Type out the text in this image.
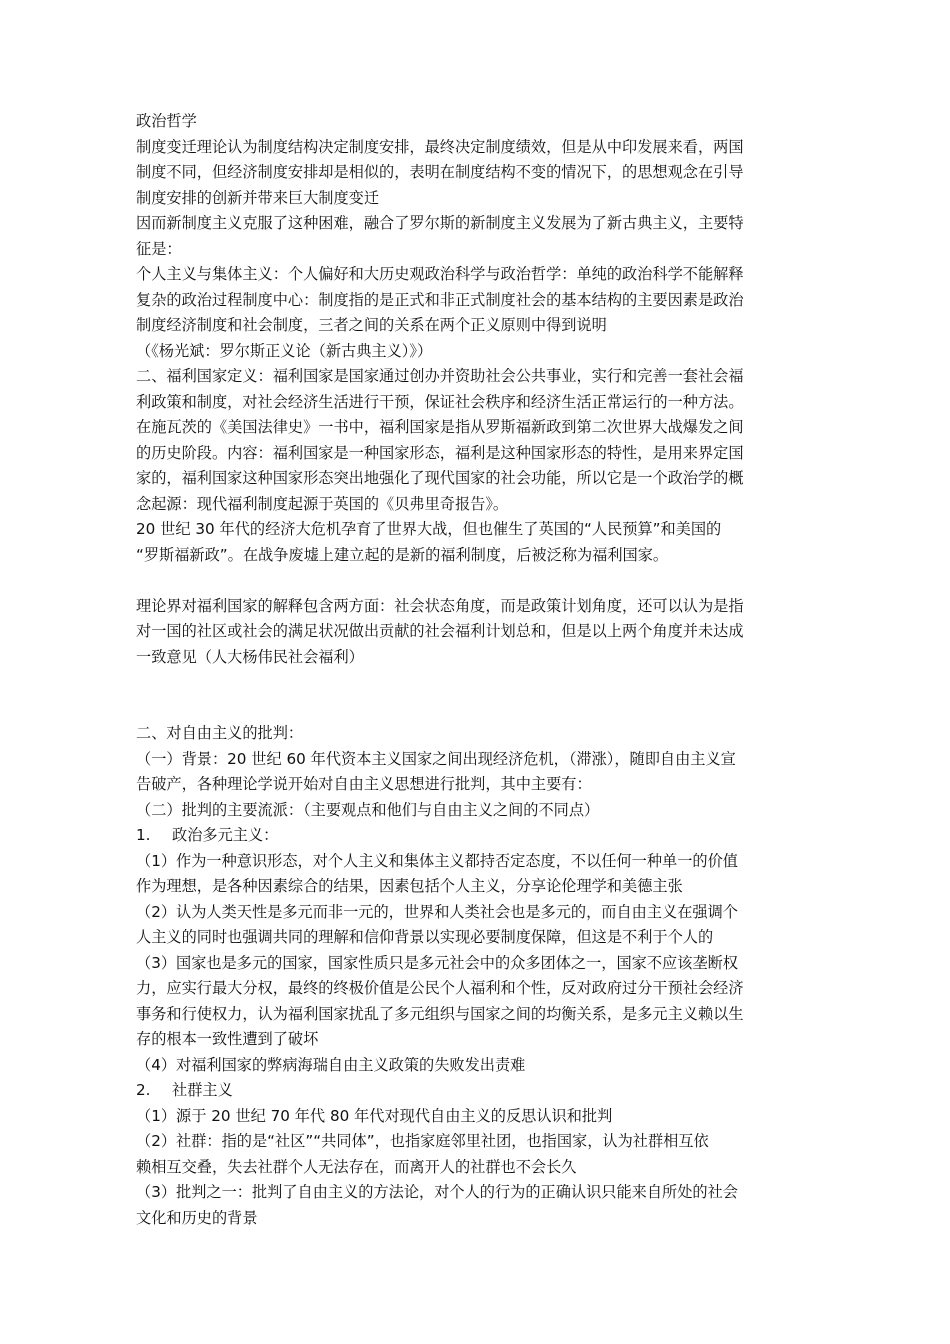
政治哲学
制度变迁理论认为制度结构决定制度安排，最终决定制度绩效，但是从中印发展来看，两国
制度不同，但经济制度安排却是相似的，表明在制度结构不变的情况下，的思想观念在引导
制度安排的创新并带来巨大制度变迁
因而新制度主义克服了这种困难，融合了罗尔斯的新制度主义发展为了新古典主义，主要特
征是：
个人主义与集体主义：个人偏好和大历史观政治科学与政治哲学：单纯的政治科学不能解释
复杂的政治过程制度中心：制度指的是正式和非正式制度社会的基本结构的主要因素是政治
制度经济制度和社会制度，三者之间的关系在两个正义原则中得到说明
（《杨光斌：罗尔斯正义论（新古典主义）》）
二、福利国家定义：福利国家是国家通过创办并资助社会公共事业，实行和完善一套社会福
利政策和制度，对社会经济生活进行干预，保证社会秩序和经济生活正常运行的一种方法。
在施瓦茨的《美国法律史》一书中，福利国家是指从罗斯福新政到第二次世界大战爆发之间
的历史阶段。内容：福利国家是一种国家形态，福利是这种国家形态的特性，是用来界定国
家的，福利国家这种国家形态突出地强化了现代国家的社会功能，所以它是一个政治学的概
念起源：现代福利制度起源于英国的《贝弗里奇报告》。
20 世纪 30 年代的经济大危机孕育了世界大战，但也催生了英国的“人民预算”和美国的
“罗斯福新政”。在战争废墟上建立起的是新的福利制度，后被泛称为福利国家。
理论界对福利国家的解释包含两方面：社会状态角度，而是政策计划角度，还可以认为是指
对一国的社区或社会的满足状况做出贡献的社会福利计划总和，但是以上两个角度并未达成
一致意见（人大杨伟民社会福利）
二、对自由主义的批判：
（一）背景：20 世纪 60 年代资本主义国家之间出现经济危机，（滞涨），随即自由主义宣
告破产，各种理论学说开始对自由主义思想进行批判，其中主要有：
（二）批判的主要流派：（主要观点和他们与自由主义之间的不同点）
1.	政治多元主义：
（1）作为一种意识形态，对个人主义和集体主义都持否定态度，不以任何一种单一的价值
作为理想，是各种因素综合的结果，因素包括个人主义，分享论伦理学和美德主张
（2）认为人类天性是多元而非一元的，世界和人类社会也是多元的，而自由主义在强调个
人主义的同时也强调共同的理解和信仰背景以实现必要制度保障，但这是不利于个人的
（3）国家也是多元的国家，国家性质只是多元社会中的众多团体之一，国家不应该垄断权
力，应实行最大分权，最终的终极价值是公民个人福利和个性，反对政府过分干预社会经济
事务和行使权力，认为福利国家扰乱了多元组织与国家之间的均衡关系，是多元主义赖以生
存的根本一致性遭到了破坏
（4）对福利国家的弊病海瑞自由主义政策的失败发出责难
2.	社群主义
（1）源于 20 世纪 70 年代 80 年代对现代自由主义的反思认识和批判
（2）社群：指的是“社区”“共同体”，也指家庭邻里社团，也指国家，认为社群相互依
赖相互交叠，失去社群个人无法存在，而离开人的社群也不会长久
（3）批判之一：批判了自由主义的方法论，对个人的行为的正确认识只能来自所处的社会
文化和历史的背景
